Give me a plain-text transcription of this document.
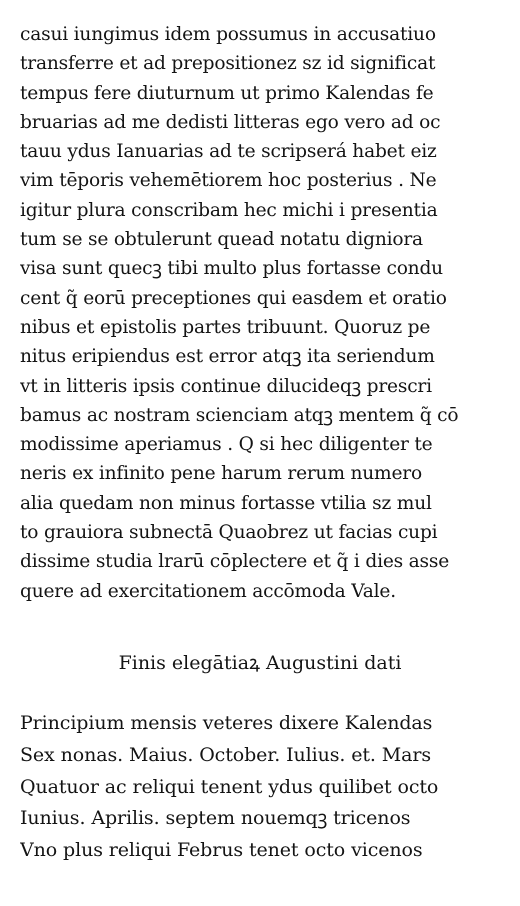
casui iungimus idem possumus in accusatiuo
transferre et ad prepositionez sz id significat
tempus fere diuturnum ut primo Kalendas fe
bruarias ad me dedisti litteras ego vero ad oc
tauu ydus Ianuarias ad te scripserá habet eiz
vim tēporis vehemētiorem hoc posterius . Ne
igitur plura conscribam hec michi i presentia
tum se se obtulerunt quead notatu digniora
visa sunt quecꝫ tibi multo plus fortasse condu
cent q̃ eorū preceptiones qui easdem et oratio
nibus et epistolis partes tribuunt. Quoruz pe
nitus eripiendus est error atqꝫ ita seriendum
vt in litteris ipsis continue dilucideqꝫ prescri
bamus ac nostram scienciam atqꝫ mentem q̃ cō
modissime aperiamus . Q si hec diligenter te
neris ex infinito pene harum rerum numero
alia quedam non minus fortasse vtilia sz mul
to grauiora subnectā Quaobrez ut facias cupi
dissime studia lrarū cōplectere et q̃ i dies asse
quere ad exercitationem accōmoda Vale.
Finis elegātiaꝝ Augustini dati
Principium mensis veteres dixere Kalendas
Sex nonas. Maius. October. Iulius. et. Mars
Quatuor ac reliqui tenent ydus quilibet octo
Iunius. Aprilis. septem nouemqꝫ tricenos
Vno plus reliqui Februs tenet octo vicenos
